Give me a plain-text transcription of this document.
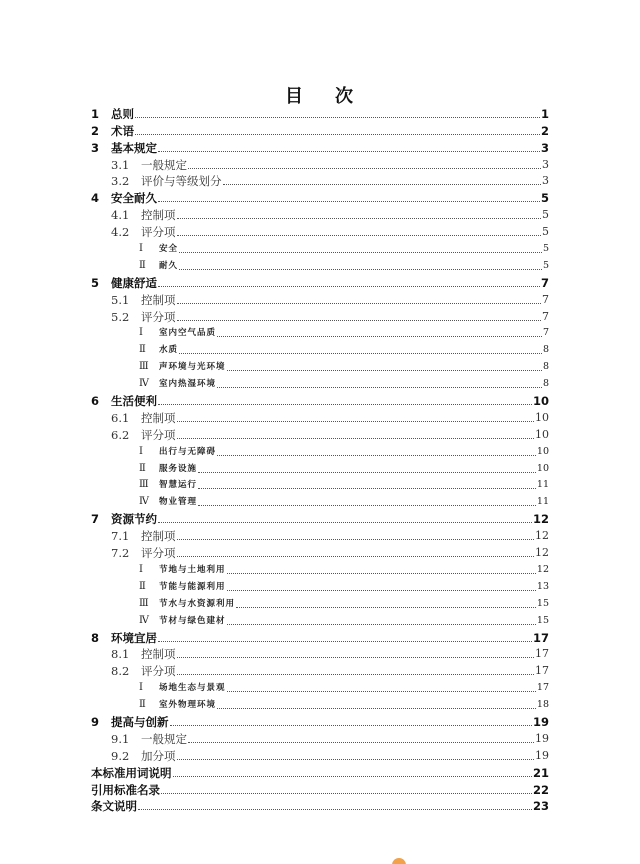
目 次
1	总则	1
2	术语	2
3	基本规定	3
3.1	一般规定	3
3.2	评价与等级划分	3
4	安全耐久	5
4.1	控制项	5
4.2	评分项	5
Ⅰ	安全	5
Ⅱ	耐久	5
5	健康舒适	7
5.1	控制项	7
5.2	评分项	7
Ⅰ	室内空气品质	7
Ⅱ	水质	8
Ⅲ	声环境与光环境	8
Ⅳ	室内热湿环境	8
6	生活便利	10
6.1	控制项	10
6.2	评分项	10
Ⅰ	出行与无障碍	10
Ⅱ	服务设施	10
Ⅲ	智慧运行	11
Ⅳ	物业管理	11
7	资源节约	12
7.1	控制项	12
7.2	评分项	12
Ⅰ	节地与土地利用	12
Ⅱ	节能与能源利用	13
Ⅲ	节水与水资源利用	15
Ⅳ	节材与绿色建材	15
8	环境宜居	17
8.1	控制项	17
8.2	评分项	17
Ⅰ	场地生态与景观	17
Ⅱ	室外物理环境	18
9	提高与创新	19
9.1	一般规定	19
9.2	加分项	19
本标准用词说明	21
引用标准名录	22
条文说明	23
